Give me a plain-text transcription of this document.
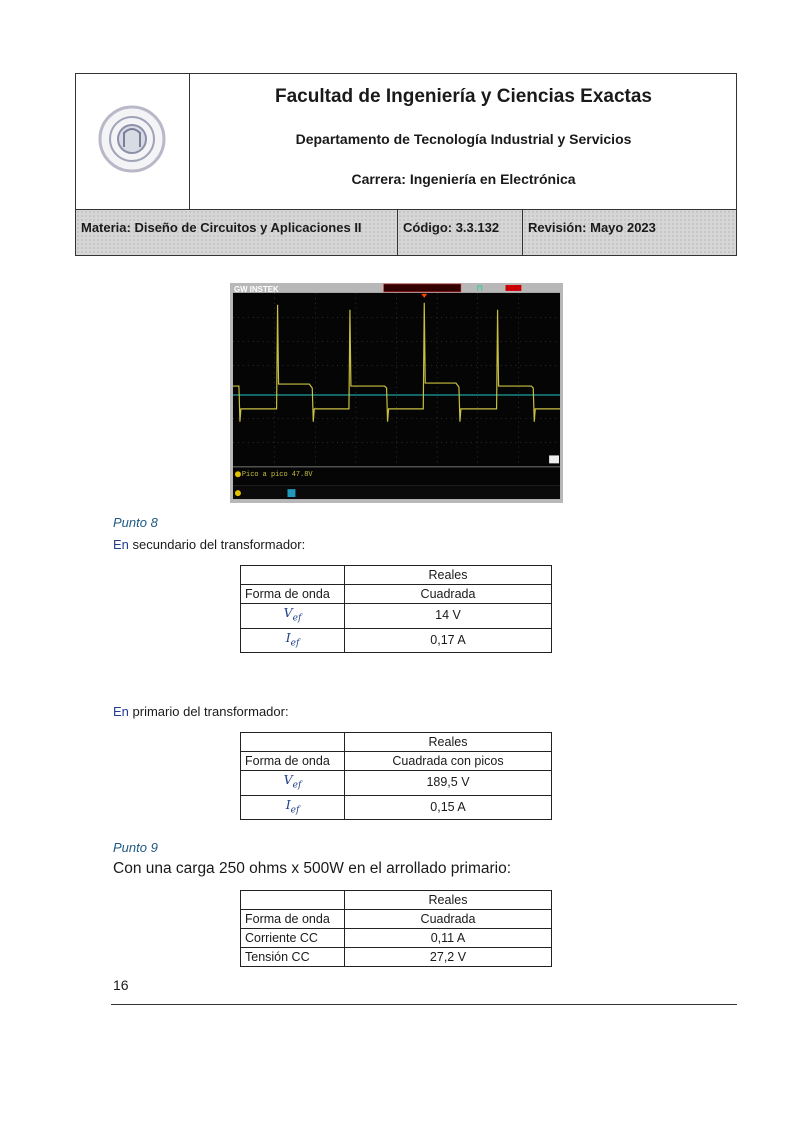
Facultad de Ingeniería y Ciencias Exactas
Departamento de Tecnología Industrial y Servicios
Carrera: Ingeniería en Electrónica
Materia: Diseño de Circuitos y Aplicaciones II	Código: 3.3.132	Revisión: Mayo 2023
GW INSTEK
Pico a pico 47.8V
Punto 8
En secundario del transformador:
	Reales
Forma de onda	Cuadrada
$V_{ef}$	14 V
$I_{ef}$	0,17 A
En primario del transformador:
	Reales
Forma de onda	Cuadrada con picos
$V_{ef}$	189,5 V
$I_{ef}$	0,15 A
Punto 9
Con una carga 250 ohms x 500W en el arrollado primario:
	Reales
Forma de onda	Cuadrada
Corriente CC	0,11 A
Tensión CC	27,2 V
16
